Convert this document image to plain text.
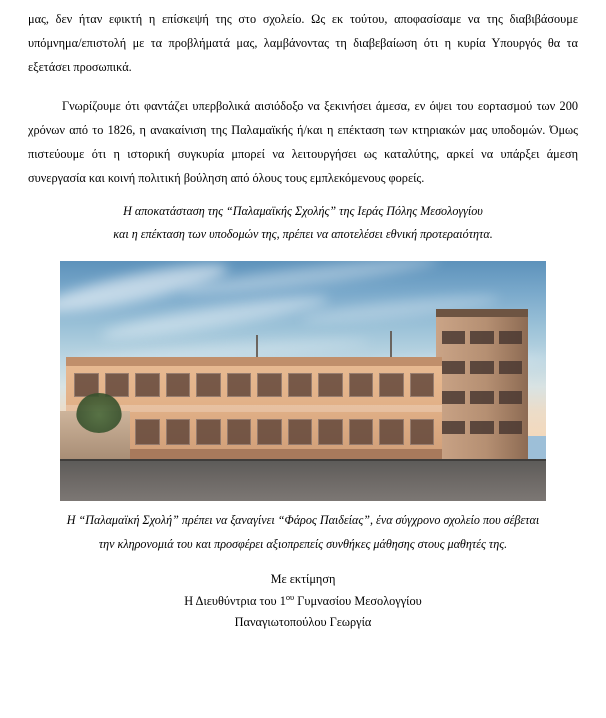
μας, δεν ήταν εφικτή η επίσκεψή της στο σχολείο. Ως εκ τούτου, αποφασίσαμε να της διαβιβάσουμε υπόμνημα/επιστολή με τα προβλήματά μας, λαμβάνοντας τη διαβεβαίωση ότι η κυρία Υπουργός θα τα εξετάσει προσωπικά.

Γνωρίζουμε ότι φαντάζει υπερβολικά αισιόδοξο να ξεκινήσει άμεσα, εν όψει του εορτασμού των 200 χρόνων από το 1826, η ανακαίνιση της Παλαμαϊκής ή/και η επέκταση των κτηριακών μας υποδομών. Όμως πιστεύουμε ότι η ιστορική συγκυρία μπορεί να λειτουργήσει ως καταλύτης, αρκεί να υπάρξει άμεση συνεργασία και κοινή πολιτική βούληση από όλους τους εμπλεκόμενους φορείς.

Η αποκατάσταση της “Παλαμαϊκής Σχολής” της Ιεράς Πόλης Μεσολογγίου

και η επέκταση των υποδομών της, πρέπει να αποτελέσει εθνική προτεραιότητα.

Η “Παλαμαϊκή Σχολή” πρέπει να ξαναγίνει “Φάρος Παιδείας”, ένα σύγχρονο σχολείο που σέβεται

την κληρονομιά του και προσφέρει αξιοπρεπείς συνθήκες μάθησης στους μαθητές της.

Με εκτίμηση
Η Διευθύντρια του $1^{o\upsilon}$ Γυμνασίου Μεσολογγίου
Παναγιωτοπούλου Γεωργία
